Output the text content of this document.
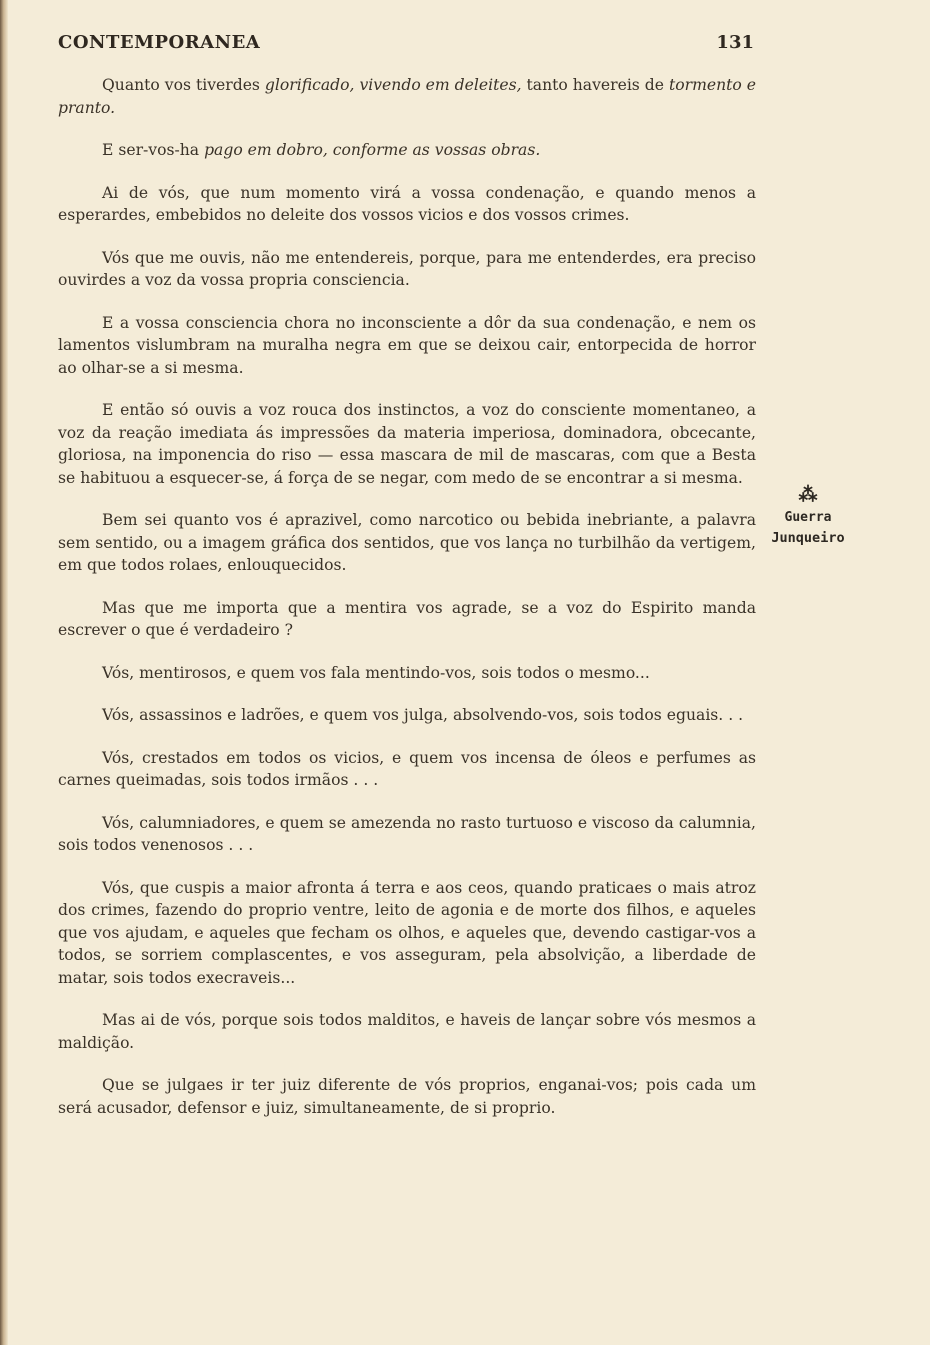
CONTEMPORANEA	131

Quanto vos tiverdes glorificado, vivendo em deleites, tanto havereis de tormento e pranto.

E ser-vos-ha pago em dobro, conforme as vossas obras.

Ai de vós, que num momento virá a vossa condenação, e quando menos a esperardes, embebidos no deleite dos vossos vicios e dos vossos crimes.

Vós que me ouvis, não me entendereis, porque, para me entenderdes, era preciso ouvirdes a voz da vossa propria consciencia.

E a vossa consciencia chora no inconsciente a dôr da sua condenação, e nem os lamentos vislumbram na muralha negra em que se deixou cair, entorpecida de horror ao olhar-se a si mesma.

E então só ouvis a voz rouca dos instinctos, a voz do consciente momentaneo, a voz da reação imediata ás impressões da materia imperiosa, dominadora, obcecante, gloriosa, na imponencia do riso — essa mascara de mil de mascaras, com que a Besta se habituou a esquecer-se, á força de se negar, com medo de se encontrar a si mesma.

Bem sei quanto vos é aprazivel, como narcotico ou bebida inebriante, a palavra sem sentido, ou a imagem gráfica dos sentidos, que vos lança no turbilhão da vertigem, em que todos rolaes, enlouquecidos.

Mas que me importa que a mentira vos agrade, se a voz do Espirito manda escrever o que é verdadeiro ?

Vós, mentirosos, e quem vos fala mentindo-vos, sois todos o mesmo...

Vós, assassinos e ladrões, e quem vos julga, absolvendo-vos, sois todos eguais. . .

Vós, crestados em todos os vicios, e quem vos incensa de óleos e perfumes as carnes queimadas, sois todos irmãos . . .

Vós, calumniadores, e quem se amezenda no rasto turtuoso e viscoso da calumnia, sois todos venenosos . . .

Vós, que cuspis a maior afronta á terra e aos ceos, quando praticaes o mais atroz dos crimes, fazendo do proprio ventre, leito de agonia e de morte dos filhos, e aqueles que vos ajudam, e aqueles que fecham os olhos, e aqueles que, devendo castigar-vos a todos, se sorriem complascentes, e vos asseguram, pela absolvição, a liberdade de matar, sois todos execraveis...

Mas ai de vós, porque sois todos malditos, e haveis de lançar sobre vós mesmos a maldição.

Que se julgaes ir ter juiz diferente de vós proprios, enganai-vos; pois cada um será acusador, defensor e juiz, simultaneamente, de si proprio.

⁂
Guerra
Junqueiro
